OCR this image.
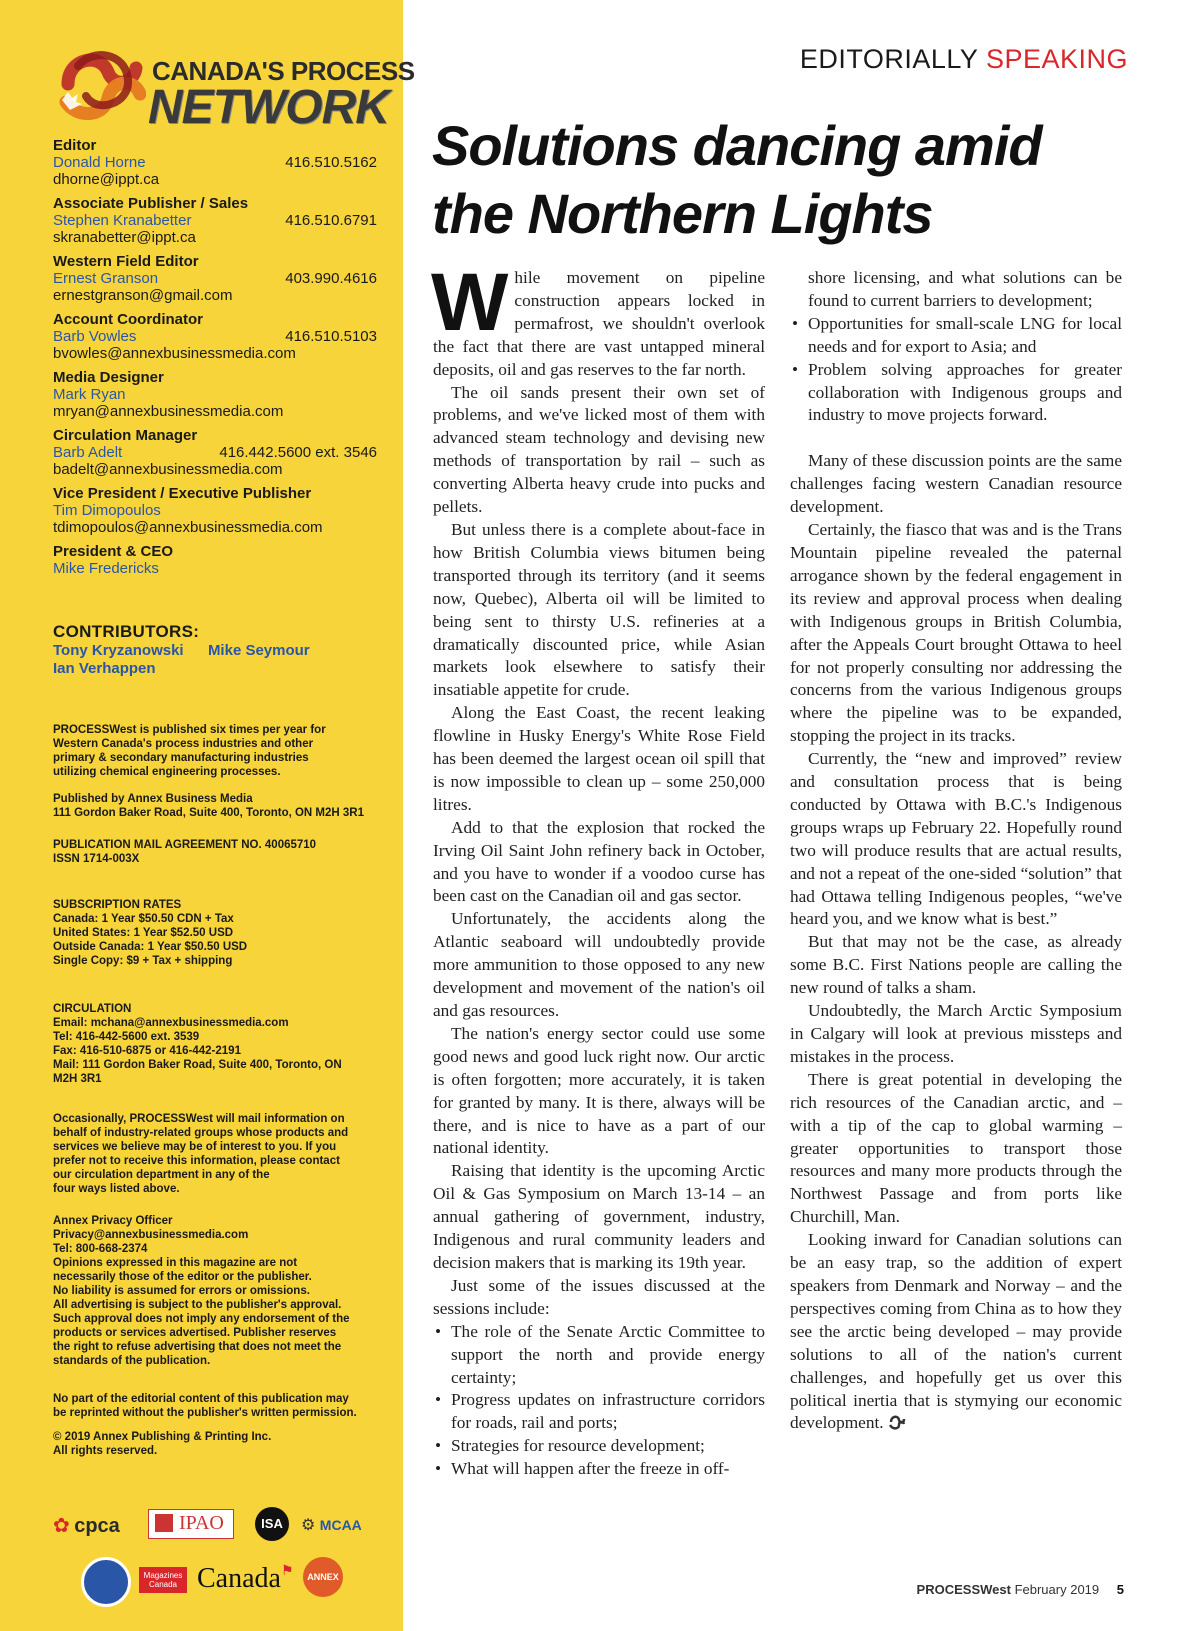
CANADA'S PROCESS
NETWORK
Editor
Donald Horne	416.510.5162
dhorne@ippt.ca
Associate Publisher / Sales
Stephen Kranabetter	416.510.6791
skranabetter@ippt.ca
Western Field Editor
Ernest Granson	403.990.4616
ernestgranson@gmail.com
Account Coordinator
Barb Vowles	416.510.5103
bvowles@annexbusinessmedia.com
Media Designer
Mark Ryan
mryan@annexbusinessmedia.com
Circulation Manager
Barb Adelt	416.442.5600 ext. 3546
badelt@annexbusinessmedia.com
Vice President / Executive Publisher
Tim Dimopoulos
tdimopoulos@annexbusinessmedia.com
President & CEO
Mike Fredericks
CONTRIBUTORS:
Tony Kryzanowski Mike Seymour
Ian Verhappen
PROCESSWest is published six times per year for
Western Canada's process industries and other
primary & secondary manufacturing industries
utilizing chemical engineering processes.
Published by Annex Business Media
111 Gordon Baker Road, Suite 400, Toronto, ON M2H 3R1
PUBLICATION MAIL AGREEMENT NO. 40065710
ISSN 1714-003X
SUBSCRIPTION RATES
Canada: 1 Year $50.50 CDN + Tax
United States: 1 Year $52.50 USD
Outside Canada: 1 Year $50.50 USD
Single Copy: $9 + Tax + shipping
CIRCULATION
Email: mchana@annexbusinessmedia.com
Tel: 416-442-5600 ext. 3539
Fax: 416-510-6875 or 416-442-2191
Mail: 111 Gordon Baker Road, Suite 400, Toronto, ON
M2H 3R1
Occasionally, PROCESSWest will mail information on
behalf of industry-related groups whose products and
services we believe may be of interest to you. If you
prefer not to receive this information, please contact
our circulation department in any of the
four ways listed above.
Annex Privacy Officer
Privacy@annexbusinessmedia.com
Tel: 800-668-2374
Opinions expressed in this magazine are not
necessarily those of the editor or the publisher.
No liability is assumed for errors or omissions.
All advertising is subject to the publisher's approval.
Such approval does not imply any endorsement of the
products or services advertised. Publisher reserves
the right to refuse advertising that does not meet the
standards of the publication.
No part of the editorial content of this publication may
be reprinted without the publisher's written permission.
© 2019 Annex Publishing & Printing Inc.
All rights reserved.
✿ cpca	IPAO	ISA	⚙ MCAA
Magazines Canada Canada⚑	ANNEX
EDITORIALLY SPEAKING
Solutions dancing amid
the Northern Lights

While movement on pipeline construction appears locked in permafrost, we shouldn't overlook the fact that there are vast untapped mineral deposits, oil and gas reserves to the far north.

The oil sands present their own set of problems, and we've licked most of them with advanced steam technology and devising new methods of transportation by rail – such as converting Alberta heavy crude into pucks and pellets.

But unless there is a complete about-face in how British Columbia views bitumen being transported through its territory (and it seems now, Quebec), Alberta oil will be limited to being sent to thirsty U.S. refineries at a dramatically discounted price, while Asian markets look elsewhere to satisfy their insatiable appetite for crude.

Along the East Coast, the recent leaking flowline in Husky Energy's White Rose Field has been deemed the largest ocean oil spill that is now impossible to clean up – some 250,000 litres.

Add to that the explosion that rocked the Irving Oil Saint John refinery back in October, and you have to wonder if a voodoo curse has been cast on the Canadian oil and gas sector.

Unfortunately, the accidents along the Atlantic seaboard will undoubtedly provide more ammunition to those opposed to any new development and movement of the nation's oil and gas resources.

The nation's energy sector could use some good news and good luck right now. Our arctic is often forgotten; more accurately, it is taken for granted by many. It is there, always will be there, and is nice to have as a part of our national identity.

Raising that identity is the upcoming Arctic Oil & Gas Symposium on March 13-14 – an annual gathering of government, industry, Indigenous and rural community leaders and decision makers that is marking its 19th year.

Just some of the issues discussed at the sessions include:

• The role of the Senate Arctic Committee to support the north and provide energy certainty;
• Progress updates on infrastructure corridors for roads, rail and ports;
• Strategies for resource development;
• What will happen after the freeze in off-

shore licensing, and what solutions can be found to current barriers to development;

• Opportunities for small-scale LNG for local needs and for export to Asia; and
• Problem solving approaches for greater collaboration with Indigenous groups and industry to move projects forward.

Many of these discussion points are the same challenges facing western Canadian resource development.

Certainly, the fiasco that was and is the Trans Mountain pipeline revealed the paternal arrogance shown by the federal engagement in its review and approval process when dealing with Indigenous groups in British Columbia, after the Appeals Court brought Ottawa to heel for not properly consulting nor addressing the concerns from the various Indigenous groups where the pipeline was to be expanded, stopping the project in its tracks.

Currently, the “new and improved” review and consultation process that is being conducted by Ottawa with B.C.'s Indigenous groups wraps up February 22. Hopefully round two will produce results that are actual results, and not a repeat of the one-sided “solution” that had Ottawa telling Indigenous peoples, “we've heard you, and we know what is best.”

But that may not be the case, as already some B.C. First Nations people are calling the new round of talks a sham.

Undoubtedly, the March Arctic Symposium in Calgary will look at previous missteps and mistakes in the process.

There is great potential in developing the rich resources of the Canadian arctic, and – with a tip of the cap to global warming – greater opportunities to transport those resources and many more products through the Northwest Passage and from ports like Churchill, Man.

Looking inward for Canadian solutions can be an easy trap, so the addition of expert speakers from Denmark and Norway – and the perspectives coming from China as to how they see the arctic being developed – may provide solutions to all of the nation's current challenges, and hopefully get us over this political inertia that is stymying our economic development.

PROCESSWest February 2019 5
